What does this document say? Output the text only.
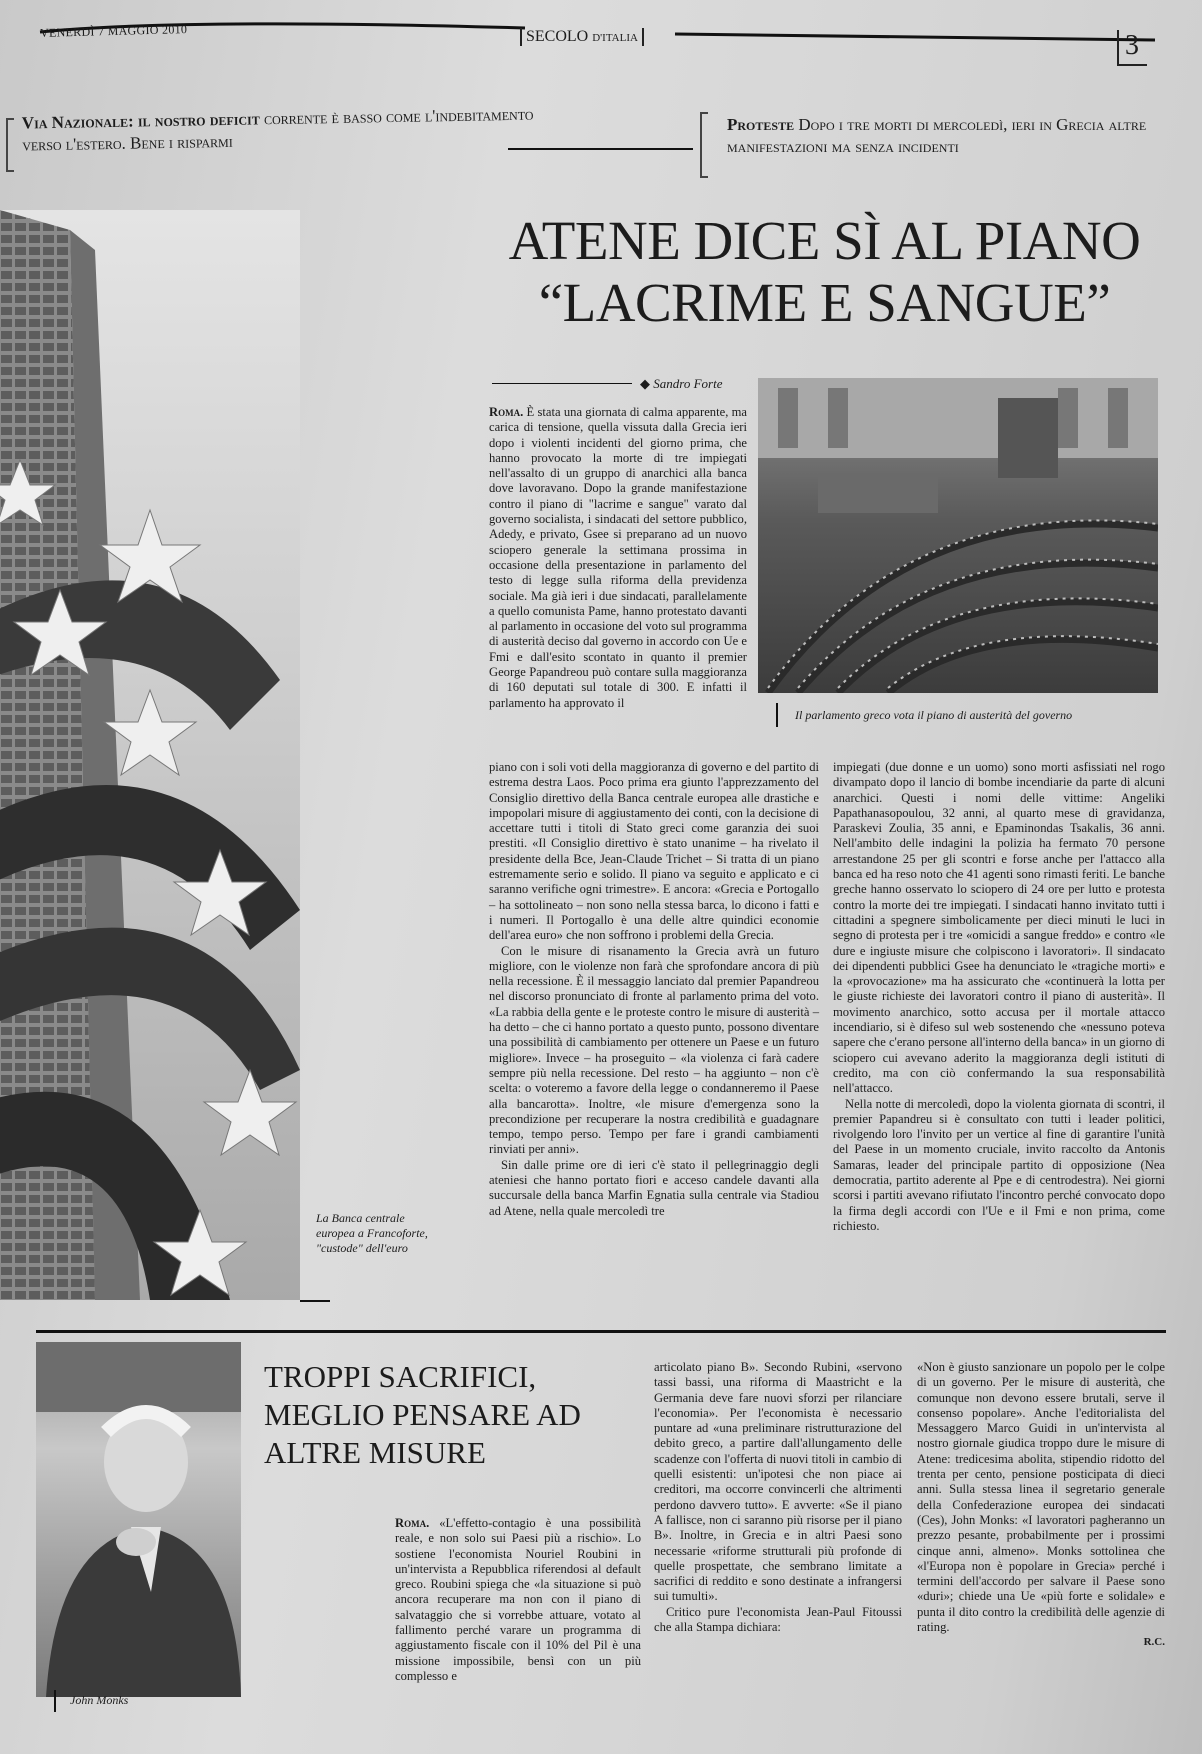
VENERDÌ 7 MAGGIO 2010	SECOLO D'ITALIA	3
Via Nazionale: il nostro deficit corrente è basso come l'indebitamento verso l'estero. Bene i risparmi
Proteste Dopo i tre morti di mercoledì, ieri in Grecia altre manifestazioni ma senza incidenti
La Banca centrale europea a Francoforte, "custode" dell'euro
ATENE DICE SÌ AL PIANO
“LACRIME E SANGUE”
◆ Sandro Forte
Il parlamento greco vota il piano di austerità del governo

Roma. È stata una giornata di calma apparente, ma carica di tensione, quella vissuta dalla Grecia ieri dopo i violenti incidenti del giorno prima, che hanno provocato la morte di tre impiegati nell'assalto di un gruppo di anarchici alla banca dove lavoravano. Dopo la grande manifestazione contro il piano di "lacrime e sangue" varato dal governo socialista, i sindacati del settore pubblico, Adedy, e privato, Gsee si preparano ad un nuovo sciopero generale la settimana prossima in occasione della presentazione in parlamento del testo di legge sulla riforma della previdenza sociale. Ma già ieri i due sindacati, parallelamente a quello comunista Pame, hanno protestato davanti al parlamento in occasione del voto sul programma di austerità deciso dal governo in accordo con Ue e Fmi e dall'esito scontato in quanto il premier George Papandreou può contare sulla maggioranza di 160 deputati sul totale di 300. E infatti il parlamento ha approvato il

piano con i soli voti della maggioranza di governo e del partito di estrema destra Laos. Poco prima era giunto l'apprezzamento del Consiglio direttivo della Banca centrale europea alle drastiche e impopolari misure di aggiustamento dei conti, con la decisione di accettare tutti i titoli di Stato greci come garanzia dei suoi prestiti. «Il Consiglio direttivo è stato unanime – ha rivelato il presidente della Bce, Jean-Claude Trichet – Si tratta di un piano estremamente serio e solido. Il piano va seguito e applicato e ci saranno verifiche ogni trimestre». E ancora: «Grecia e Portogallo – ha sottolineato – non sono nella stessa barca, lo dicono i fatti e i numeri. Il Portogallo è una delle altre quindici economie dell'area euro» che non soffrono i problemi della Grecia.

Con le misure di risanamento la Grecia avrà un futuro migliore, con le violenze non farà che sprofondare ancora di più nella recessione. È il messaggio lanciato dal premier Papandreou nel discorso pronunciato di fronte al parlamento prima del voto. «La rabbia della gente e le proteste contro le misure di austerità – ha detto – che ci hanno portato a questo punto, possono diventare una possibilità di cambiamento per ottenere un Paese e un futuro migliore». Invece – ha proseguito – «la violenza ci farà cadere sempre più nella recessione. Del resto – ha aggiunto – non c'è scelta: o voteremo a favore della legge o condanneremo il Paese alla bancarotta». Inoltre, «le misure d'emergenza sono la precondizione per recuperare la nostra credibilità e guadagnare tempo, tempo perso. Tempo per fare i grandi cambiamenti rinviati per anni».

Sin dalle prime ore di ieri c'è stato il pellegrinaggio degli ateniesi che hanno portato fiori e acceso candele davanti alla succursale della banca Marfin Egnatia sulla centrale via Stadiou ad Atene, nella quale mercoledì tre

impiegati (due donne e un uomo) sono morti asfissiati nel rogo divampato dopo il lancio di bombe incendiarie da parte di alcuni anarchici. Questi i nomi delle vittime: Angeliki Papathanasopoulou, 32 anni, al quarto mese di gravidanza, Paraskevi Zoulia, 35 anni, e Epaminondas Tsakalis, 36 anni. Nell'ambito delle indagini la polizia ha fermato 70 persone arrestandone 25 per gli scontri e forse anche per l'attacco alla banca ed ha reso noto che 41 agenti sono rimasti feriti. Le banche greche hanno osservato lo sciopero di 24 ore per lutto e protesta contro la morte dei tre impiegati. I sindacati hanno invitato tutti i cittadini a spegnere simbolicamente per dieci minuti le luci in segno di protesta per i tre «omicidi a sangue freddo» e contro «le dure e ingiuste misure che colpiscono i lavoratori». Il sindacato dei dipendenti pubblici Gsee ha denunciato le «tragiche morti» e la «provocazione» ma ha assicurato che «continuerà la lotta per le giuste richieste dei lavoratori contro il piano di austerità». Il movimento anarchico, sotto accusa per il mortale attacco incendiario, si è difeso sul web sostenendo che «nessuno poteva sapere che c'erano persone all'interno della banca» in un giorno di sciopero cui avevano aderito la maggioranza degli istituti di credito, ma con ciò confermando la sua responsabilità nell'attacco.

Nella notte di mercoledì, dopo la violenta giornata di scontri, il premier Papandreu si è consultato con tutti i leader politici, rivolgendo loro l'invito per un vertice al fine di garantire l'unità del Paese in un momento cruciale, invito raccolto da Antonis Samaras, leader del principale partito di opposizione (Nea democratia, partito aderente al Ppe e di centrodestra). Nei giorni scorsi i partiti avevano rifiutato l'incontro perché convocato dopo la firma degli accordi con l'Ue e il Fmi e non prima, come richiesto.

John Monks
TROPPI SACRIFICI, MEGLIO PENSARE AD ALTRE MISURE

Roma. «L'effetto-contagio è una possibilità reale, e non solo sui Paesi più a rischio». Lo sostiene l'economista Nouriel Roubini in un'intervista a Repubblica riferendosi al default greco. Roubini spiega che «la situazione si può ancora recuperare ma non con il piano di salvataggio che si vorrebbe attuare, votato al fallimento perché varare un programma di aggiustamento fiscale con il 10% del Pil è una missione impossibile, bensì con un più complesso e

articolato piano B». Secondo Rubini, «servono tassi bassi, una riforma di Maastricht e la Germania deve fare nuovi sforzi per rilanciare l'economia». Per l'economista è necessario puntare ad «una preliminare ristrutturazione del debito greco, a partire dall'allungamento delle scadenze con l'offerta di nuovi titoli in cambio di quelli esistenti: un'ipotesi che non piace ai creditori, ma occorre convincerli che altrimenti perdono davvero tutto». E avverte: «Se il piano A fallisce, non ci saranno più risorse per il piano B». Inoltre, in Grecia e in altri Paesi sono necessarie «riforme strutturali più profonde di quelle prospettate, che sembrano limitate a sacrifici di reddito e sono destinate a infrangersi sui tumulti».

Critico pure l'economista Jean-Paul Fitoussi che alla Stampa dichiara:

«Non è giusto sanzionare un popolo per le colpe di un governo. Per le misure di austerità, che comunque non devono essere brutali, serve il consenso popolare». Anche l'editorialista del Messaggero Marco Guidi in un'intervista al nostro giornale giudica troppo dure le misure di Atene: tredicesima abolita, stipendio ridotto del trenta per cento, pensione posticipata di dieci anni. Sulla stessa linea il segretario generale della Confederazione europea dei sindacati (Ces), John Monks: «I lavoratori pagheranno un prezzo pesante, probabilmente per i prossimi cinque anni, almeno». Monks sottolinea che «l'Europa non è popolare in Grecia» perché i termini dell'accordo per salvare il Paese sono «duri»; chiede una Ue «più forte e solidale» e punta il dito contro la credibilità delle agenzie di rating.

R.C.
